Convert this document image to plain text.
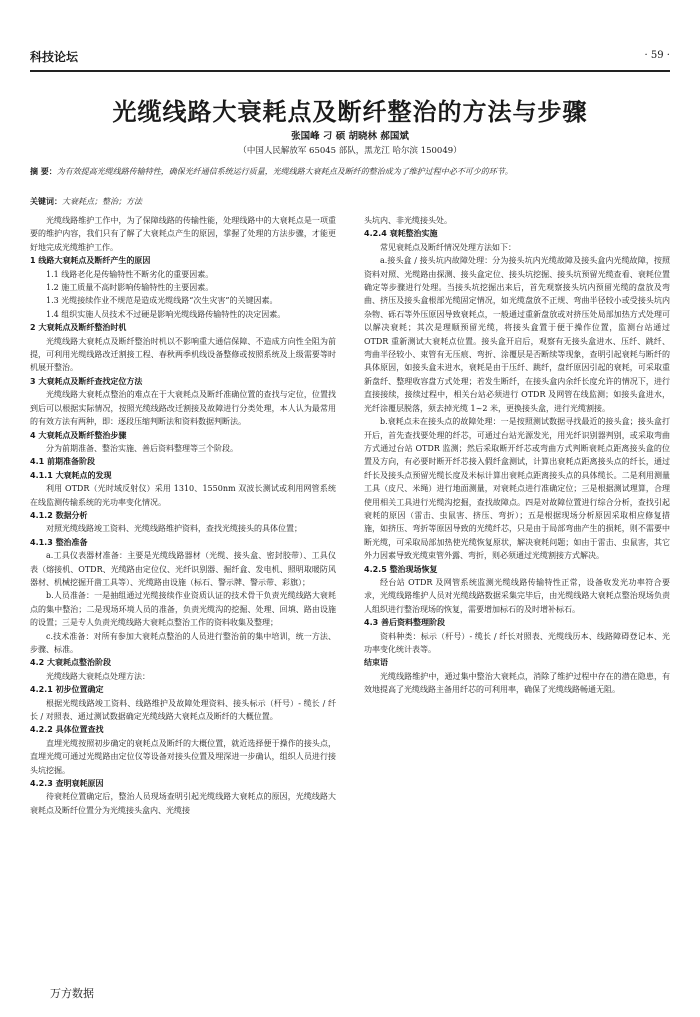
科技论坛	· 59 ·
光缆线路大衰耗点及断纤整治的方法与步骤
张国峰 刁 硕 胡晓林 郝国斌
（中国人民解放军 65045 部队，黑龙江 哈尔滨 150049）
摘 要：为有效提高光缆线路传输特性，确保光纤通信系统运行质量，光缆线路大衰耗点及断纤的整治成为了维护过程中必不可少的环节。
关键词：大衰耗点；整治；方法

光缆线路维护工作中，为了保障线路的传输性能，处理线路中的大衰耗点是一项重要的维护内容，我们只有了解了大衰耗点产生的原因，掌握了处理的方法步骤，才能更好地完成光缆维护工作。

1 线路大衰耗点及断纤产生的原因

1.1 线路老化是传输特性不断劣化的重要因素。

1.2 施工质量不高时影响传输特性的主要因素。

1.3 光缆接续作业不规范是造成光缆线路“次生灾害”的关键因素。

1.4 组织实施人员技术不过硬是影响光缆线路传输特性的决定因素。

2 大衰耗点及断纤整治时机

光缆线路大衰耗点及断纤整治时机以不影响重大通信保障、不造成方向性全阻为前提，可利用光缆线路改迁割接工程、春秋两季机线设备整修或按照系统及上级需要等时机展开整治。

3 大衰耗点及断纤查找定位方法

光缆线路大衰耗点整治的难点在于大衰耗点及断纤准确位置的查找与定位，位置找到后可以根据实际情况，按照光缆线路改迁割接及故障进行分类处理，本人认为最常用的有效方法有两种，即：逐段压缩判断法和资料数据判断法。

4 大衰耗点及断纤整治步骤

分为前期准备、整治实施、善后资料整理等三个阶段。

4.1 前期准备阶段

4.1.1 大衰耗点的发现

利用 OTDR（光时域反射仪）采用 1310、1550nm 双波长测试或利用网管系统在线监测传输系统的光功率变化情况。

4.1.2 数据分析

对照光缆线路竣工资料、光缆线路维护资料，查找光缆接头的具体位置；

4.1.3 整治准备

a.工具仪表器材准备：主要是光缆线路器材（光缆、接头盒、密封胶带）、工具仪表（熔接机、OTDR、光缆路由定位仪、光纤识别器、掘纤盒、发电机、照明取暖防风器材、机械挖掘开凿工具等）、光缆路由设施（标石、警示牌、警示带、彩旗）；

b.人员准备：一是抽组通过光缆接续作业资质认证的技术骨干负责光缆线路大衰耗点的集中整治；二是现场环境人员的准备，负责光缆沟的挖掘、处理、回填、路由设施的设置；三是专人负责光缆线路大衰耗点整治工作的资料收集及整理；

c.技术准备：对所有参加大衰耗点整治的人员进行整治前的集中培训，统一方法、步骤、标准。

4.2 大衰耗点整治阶段

光缆线路大衰耗点处理方法：

4.2.1 初步位置确定

根据光缆线路竣工资料、线路维护及故障处理资料、接头标示（杆号）- 缆长 / 纤长 / 对照表、通过测试数据确定光缆线路大衰耗点及断纤的大概位置。

4.2.2 具体位置查找

直埋光缆按照初步确定的衰耗点及断纤的大概位置，就近选择便于操作的接头点，直埋光缆可通过光缆路由定位仪等设备对接头位置及埋深进一步确认，组织人员进行接头坑挖掘。

4.2.3 查明衰耗原因

待衰耗位置确定后，整治人员现场查明引起光缆线路大衰耗点的原因，光缆线路大衰耗点及断纤位置分为光缆接头盒内、光缆接

头坑内、非光缆接头处。

4.2.4 衰耗整治实施

常见衰耗点及断纤情况处理方法如下：

a.接头盒 / 接头坑内故障处理：分为接头坑内光缆故障及接头盒内光缆故障，按照资料对照、光缆路由探测、接头盒定位、接头坑挖掘、接头坑预留光缆查看、衰耗位置确定等步骤进行处理。当接头坑挖掘出来后，首先观察接头坑内预留光缆的盘放及弯曲、挤压及接头盒根部光缆固定情况，如光缆盘放不正规、弯曲半径较小或受接头坑内杂物、砾石等外压原因导致衰耗点，一般通过重新盘放或对挤压处局部加热方式处理可以解决衰耗；其次是理顺预留光缆，将接头盒置于便于操作位置，监测台站通过 OTDR 重新测试大衰耗点位置。接头盒开启后，观察有无接头盒进水、压纤、跳纤、弯曲半径较小、束管有无压痕、弯折、涂覆层是否断续等现象，查明引起衰耗与断纤的具体原因，如接头盒未进水，衰耗是由于压纤、跳纤，盘纤原因引起的衰耗，可采取重新盘纤、整理收容盘方式处理；若发生断纤，在接头盒内余纤长度允许的情况下，进行直接接续，接续过程中，相关台站必须进行 OTDR 及网管在线监测；如接头盒进水，光纤涂覆层脱落，须去掉光缆 1~2 米，更换接头盒，进行光缆割接。

b.衰耗点未在接头点的故障处理：一是按照测试数据寻找最近的接头盒；接头盒打开后，首先查找要处理的纤芯，可通过台站光源发光，用光纤识别器判别，或采取弯曲方式通过台站 OTDR 监测；然后采取断开纤芯或弯曲方式判断衰耗点距离接头盒的位置及方向，有必要时断开纤芯接入假纤盒测试，计算出衰耗点距离接头点的纤长，通过纤长及接头点预留光缆长度及米标计算出衰耗点距离接头点的具体缆长。二是利用测量工具（皮尺、米绳）进行地面测量，对衰耗点进行准确定位；三是根据测试理算，合理使用相关工具进行光缆沟挖掘，查找故障点。四是对故障位置进行综合分析，查找引起衰耗的原因（雷击、虫鼠害、挤压、弯折）；五是根据现场分析原因采取相应修复措施，如挤压、弯折等原因导致的光缆纤芯，只是由于局部弯曲产生的损耗，则不需要中断光缆，可采取局部加热使光缆恢复原状，解决衰耗问题；如由于雷击、虫鼠害，其它外力因素导致光缆束管外露、弯折，则必须通过光缆割接方式解决。

4.2.5 整治现场恢复

经台站 OTDR 及网管系统监测光缆线路传输特性正常，设备收发光功率符合要求，光缆线路维护人员对光缆线路数据采集完毕后，由光缆线路大衰耗点整治现场负责人组织进行整治现场的恢复，需要增加标石的及时增补标石。

4.3 善后资料整理阶段

资料种类：标示（杆号）- 缆长 / 纤长对照表、光缆线历本、线路障碍登记本、光功率变化统计表等。

结束语

光缆线路维护中，通过集中整治大衰耗点，消除了维护过程中存在的潜在隐患，有效地提高了光缆线路主备用纤芯的可利用率，确保了光缆线路畅通无阻。

万方数据
